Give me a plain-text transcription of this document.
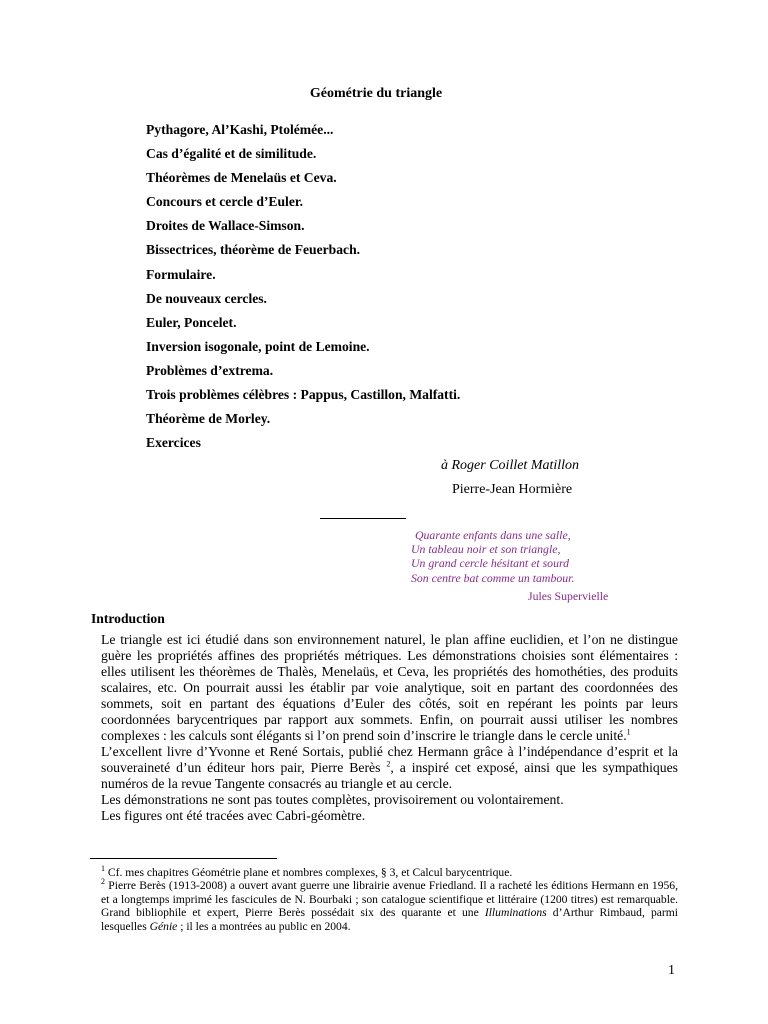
Géométrie du triangle
Pythagore, Al’Kashi, Ptolémée...
Cas d’égalité et de similitude.
Théorèmes de Menelaüs et Ceva.
Concours et cercle d’Euler.
Droites de Wallace-Simson.
Bissectrices, théorème de Feuerbach.
Formulaire.
De nouveaux cercles.
Euler, Poncelet.
Inversion isogonale, point de Lemoine.
Problèmes d’extrema.
Trois problèmes célèbres : Pappus, Castillon, Malfatti.
Théorème de Morley.
Exercices
à Roger Coillet Matillon
Pierre-Jean Hormière
Quarante enfants dans une salle,
Un tableau noir et son triangle,
Un grand cercle hésitant et sourd
Son centre bat comme un tambour.
Jules Supervielle
Introduction

Le triangle est ici étudié dans son environnement naturel, le plan affine euclidien, et l’on ne distingue guère les propriétés affines des propriétés métriques. Les démonstrations choisies sont élémentaires : elles utilisent les théorèmes de Thalès, Menelaüs, et Ceva, les propriétés des homothéties, des produits scalaires, etc. On pourrait aussi les établir par voie analytique, soit en partant des coordonnées des sommets, soit en partant des équations d’Euler des côtés, soit en repérant les points par leurs coordonnées barycentriques par rapport aux sommets. Enfin, on pourrait aussi utiliser les nombres complexes : les calculs sont élégants si l’on prend soin d’inscrire le triangle dans le cercle unité.$^1$

L’excellent livre d’Yvonne et René Sortais, publié chez Hermann grâce à l’indépendance d’esprit et la souveraineté d’un éditeur hors pair, Pierre Berès $^2$, a inspiré cet exposé, ainsi que les sympathiques numéros de la revue Tangente consacrés au triangle et au cercle.

Les démonstrations ne sont pas toutes complètes, provisoirement ou volontairement.

Les figures ont été tracées avec Cabri-géomètre.

$^1$ Cf. mes chapitres Géométrie plane et nombres complexes, § 3, et Calcul barycentrique.

$^2$ Pierre Berès (1913-2008) a ouvert avant guerre une librairie avenue Friedland. Il a racheté les éditions Hermann en 1956, et a longtemps imprimé les fascicules de N. Bourbaki ; son catalogue scientifique et littéraire (1200 titres) est remarquable. Grand bibliophile et expert, Pierre Berès possédait six des quarante et une Illuminations d’Arthur Rimbaud, parmi lesquelles Génie ; il les a montrées au public en 2004.

1
